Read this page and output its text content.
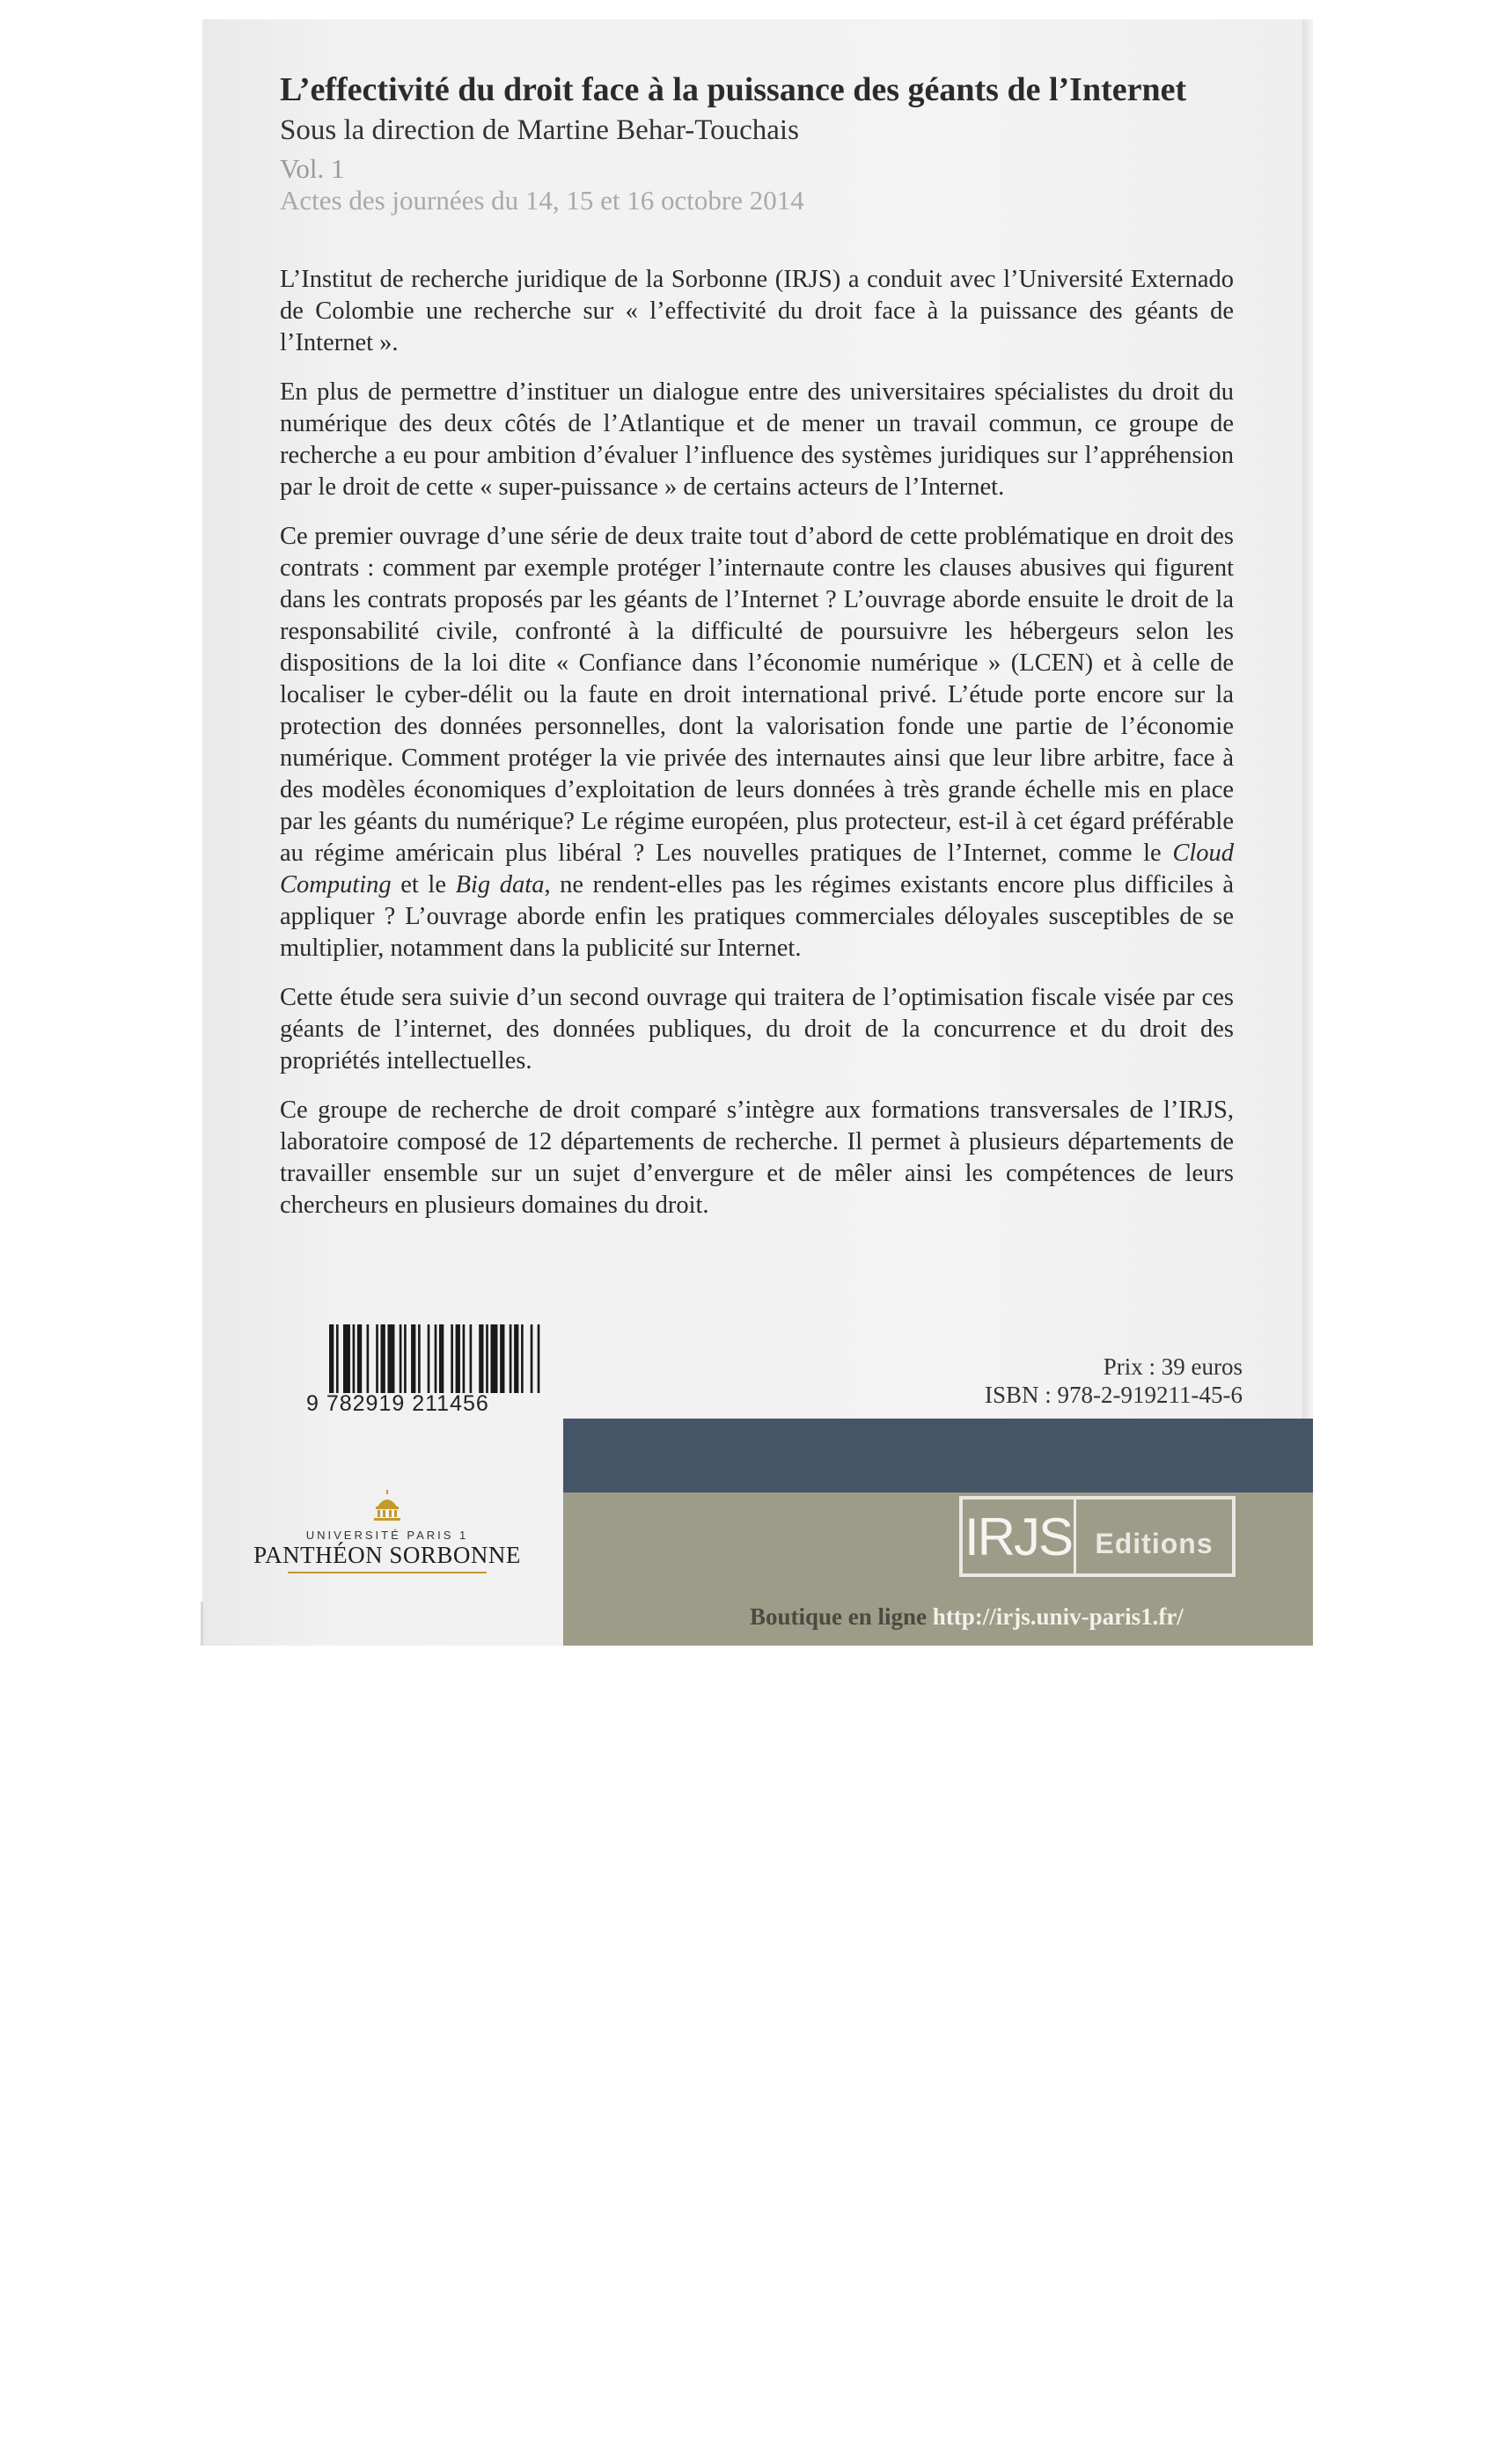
L’effectivité du droit face à la puissance des géants de l’Internet
Sous la direction de Martine Behar-Touchais
Vol. 1
Actes des journées du 14, 15 et 16 octobre 2014

L’Institut de recherche juridique de la Sorbonne (IRJS) a conduit avec l’Université Externado de Colombie une recherche sur « l’effectivité du droit face à la puissance des géants de l’Internet ».

En plus de permettre d’instituer un dialogue entre des universitaires spécialistes du droit du numérique des deux côtés de l’Atlantique et de mener un travail commun, ce groupe de recherche a eu pour ambition d’évaluer l’influence des systèmes juridiques sur l’appréhension par le droit de cette « super-puissance » de certains acteurs de l’Internet.

Ce premier ouvrage d’une série de deux traite tout d’abord de cette problématique en droit des contrats : comment par exemple protéger l’internaute contre les clauses abusives qui figurent dans les contrats proposés par les géants de l’Internet ? L’ouvrage aborde ensuite le droit de la responsabilité civile, confronté à la difficulté de poursuivre les hébergeurs selon les dispositions de la loi dite « Confiance dans l’économie numérique » (LCEN) et à celle de localiser le cyber-délit ou la faute en droit international privé. L’étude porte encore sur la protection des données personnelles, dont la valorisation fonde une partie de l’économie numérique. Comment protéger la vie privée des internautes ainsi que leur libre arbitre, face à des modèles économiques d’exploitation de leurs données à très grande échelle mis en place par les géants du numérique? Le régime européen, plus protecteur, est-il à cet égard préférable au régime américain plus libéral ? Les nouvelles pratiques de l’Internet, comme le Cloud Computing et le Big data, ne rendent-elles pas les régimes existants encore plus difficiles à appliquer ? L’ouvrage aborde enfin les pratiques commerciales déloyales susceptibles de se multiplier, notamment dans la publicité sur Internet.

Cette étude sera suivie d’un second ouvrage qui traitera de l’optimisation fiscale visée par ces géants de l’internet, des données publiques, du droit de la concurrence et du droit des propriétés intellectuelles.

Ce groupe de recherche de droit comparé s’intègre aux formations transversales de l’IRJS, laboratoire composé de 12 départements de recherche. Il permet à plusieurs départements de travailler ensemble sur un sujet d’envergure et de mêler ainsi les compétences de leurs chercheurs en plusieurs domaines du droit.

9 782919 211456
Prix : 39 euros
ISBN : 978-2-919211-45-6
IRJS Editions
Boutique en ligne http://irjs.univ-paris1.fr/
UNIVERSITÉ PARIS 1
PANTHÉON SORBONNE
